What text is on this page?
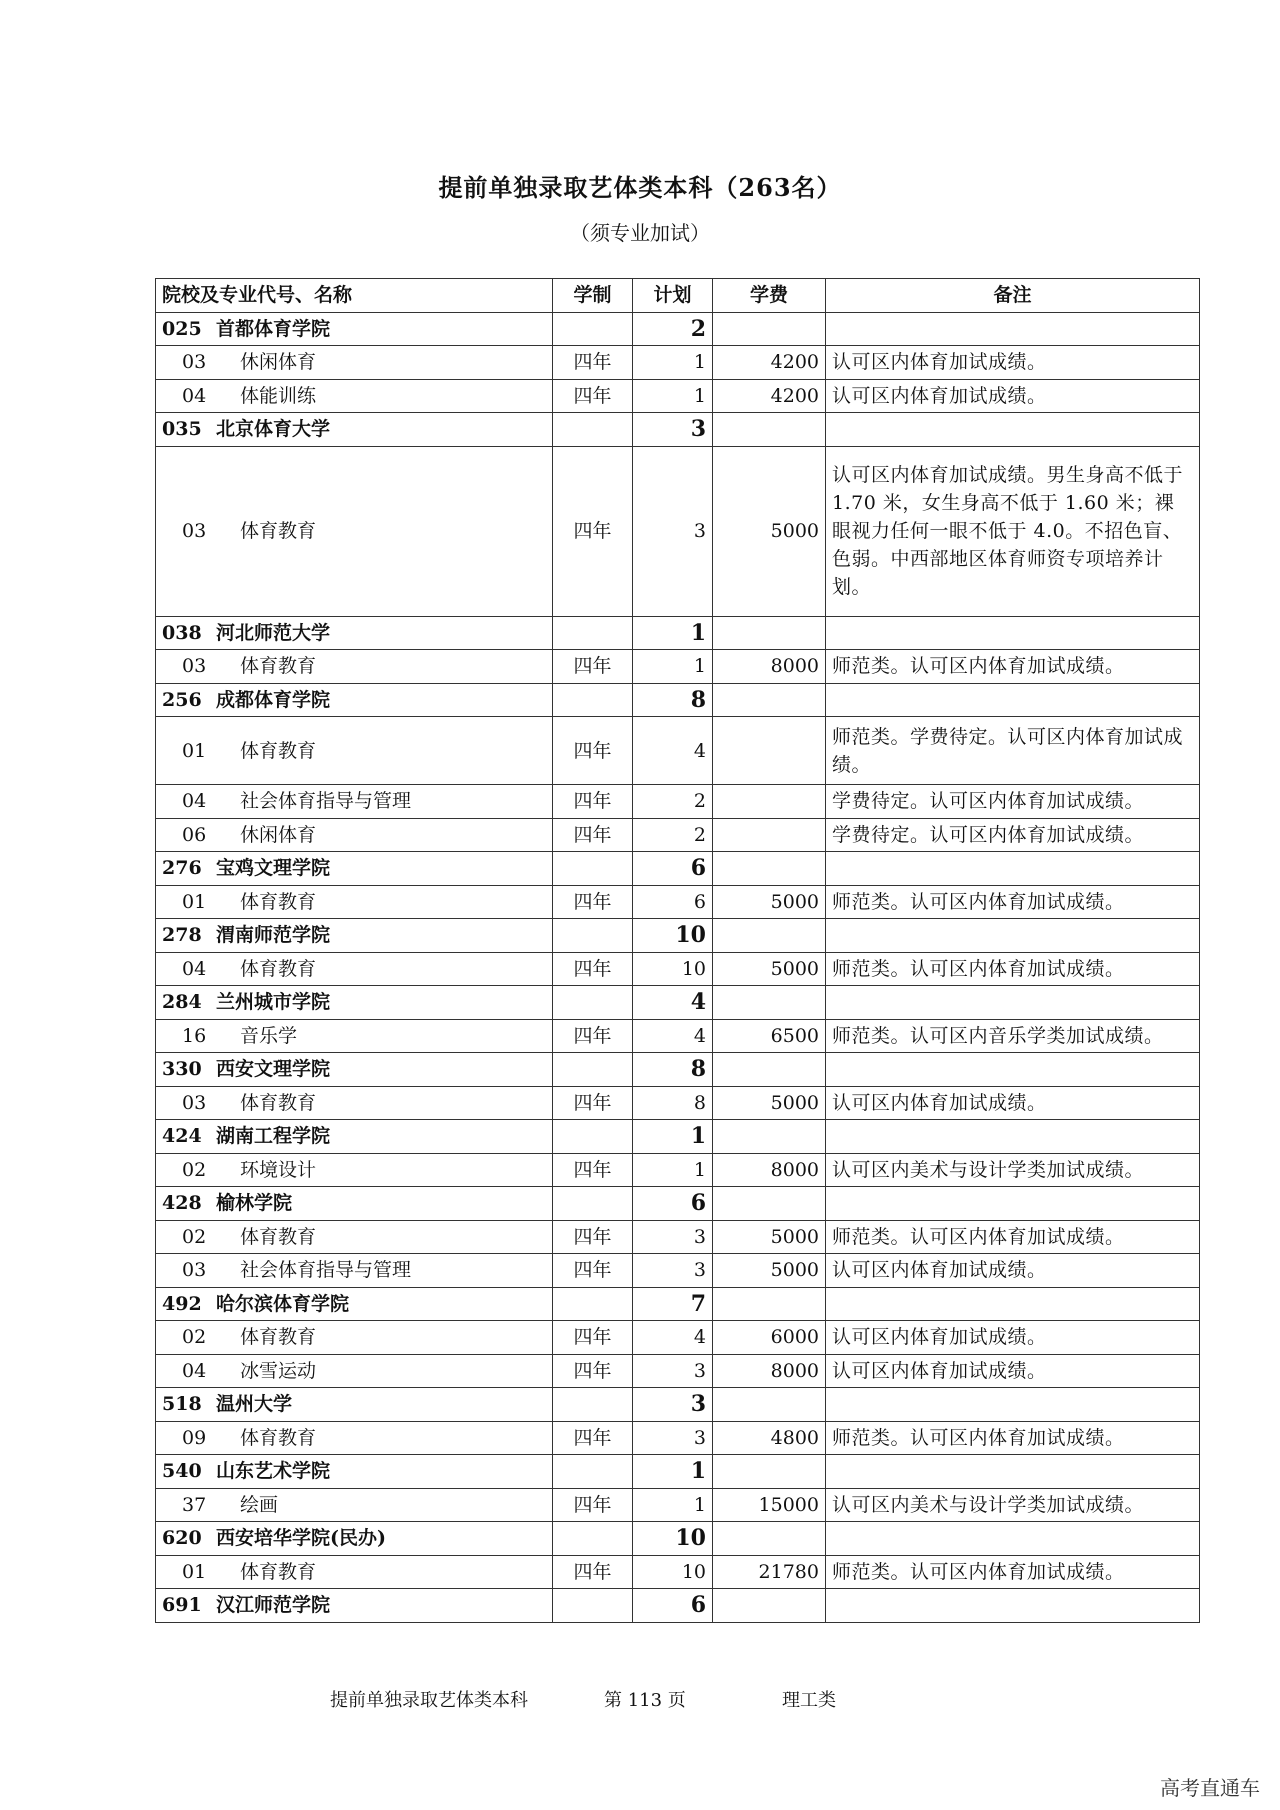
提前单独录取艺体类本科（263名）
（须专业加试）
院校及专业代号、名称	学制	计划	学费	备注
025 首都体育学院		2		
03 休闲体育	四年	1	4200	认可区内体育加试成绩。
04 体能训练	四年	1	4200	认可区内体育加试成绩。
035 北京体育大学		3		
03 体育教育	四年	3	5000	认可区内体育加试成绩。男生身高不低于 1.70 米，女生身高不低于 1.60 米；裸眼视力任何一眼不低于 4.0。不招色盲、色弱。中西部地区体育师资专项培养计划。
038 河北师范大学		1		
03 体育教育	四年	1	8000	师范类。认可区内体育加试成绩。
256 成都体育学院		8		
01 体育教育	四年	4		师范类。学费待定。认可区内体育加试成绩。
04 社会体育指导与管理	四年	2		学费待定。认可区内体育加试成绩。
06 休闲体育	四年	2		学费待定。认可区内体育加试成绩。
276 宝鸡文理学院		6		
01 体育教育	四年	6	5000	师范类。认可区内体育加试成绩。
278 渭南师范学院		10		
04 体育教育	四年	10	5000	师范类。认可区内体育加试成绩。
284 兰州城市学院		4		
16 音乐学	四年	4	6500	师范类。认可区内音乐学类加试成绩。
330 西安文理学院		8		
03 体育教育	四年	8	5000	认可区内体育加试成绩。
424 湖南工程学院		1		
02 环境设计	四年	1	8000	认可区内美术与设计学类加试成绩。
428 榆林学院		6		
02 体育教育	四年	3	5000	师范类。认可区内体育加试成绩。
03 社会体育指导与管理	四年	3	5000	认可区内体育加试成绩。
492 哈尔滨体育学院		7		
02 体育教育	四年	4	6000	认可区内体育加试成绩。
04 冰雪运动	四年	3	8000	认可区内体育加试成绩。
518 温州大学		3		
09 体育教育	四年	3	4800	师范类。认可区内体育加试成绩。
540 山东艺术学院		1		
37 绘画	四年	1	15000	认可区内美术与设计学类加试成绩。
620 西安培华学院(民办)		10		
01 体育教育	四年	10	21780	师范类。认可区内体育加试成绩。
691 汉江师范学院		6		
提前单独录取艺体类本科	第 113 页	理工类
高考直通车
